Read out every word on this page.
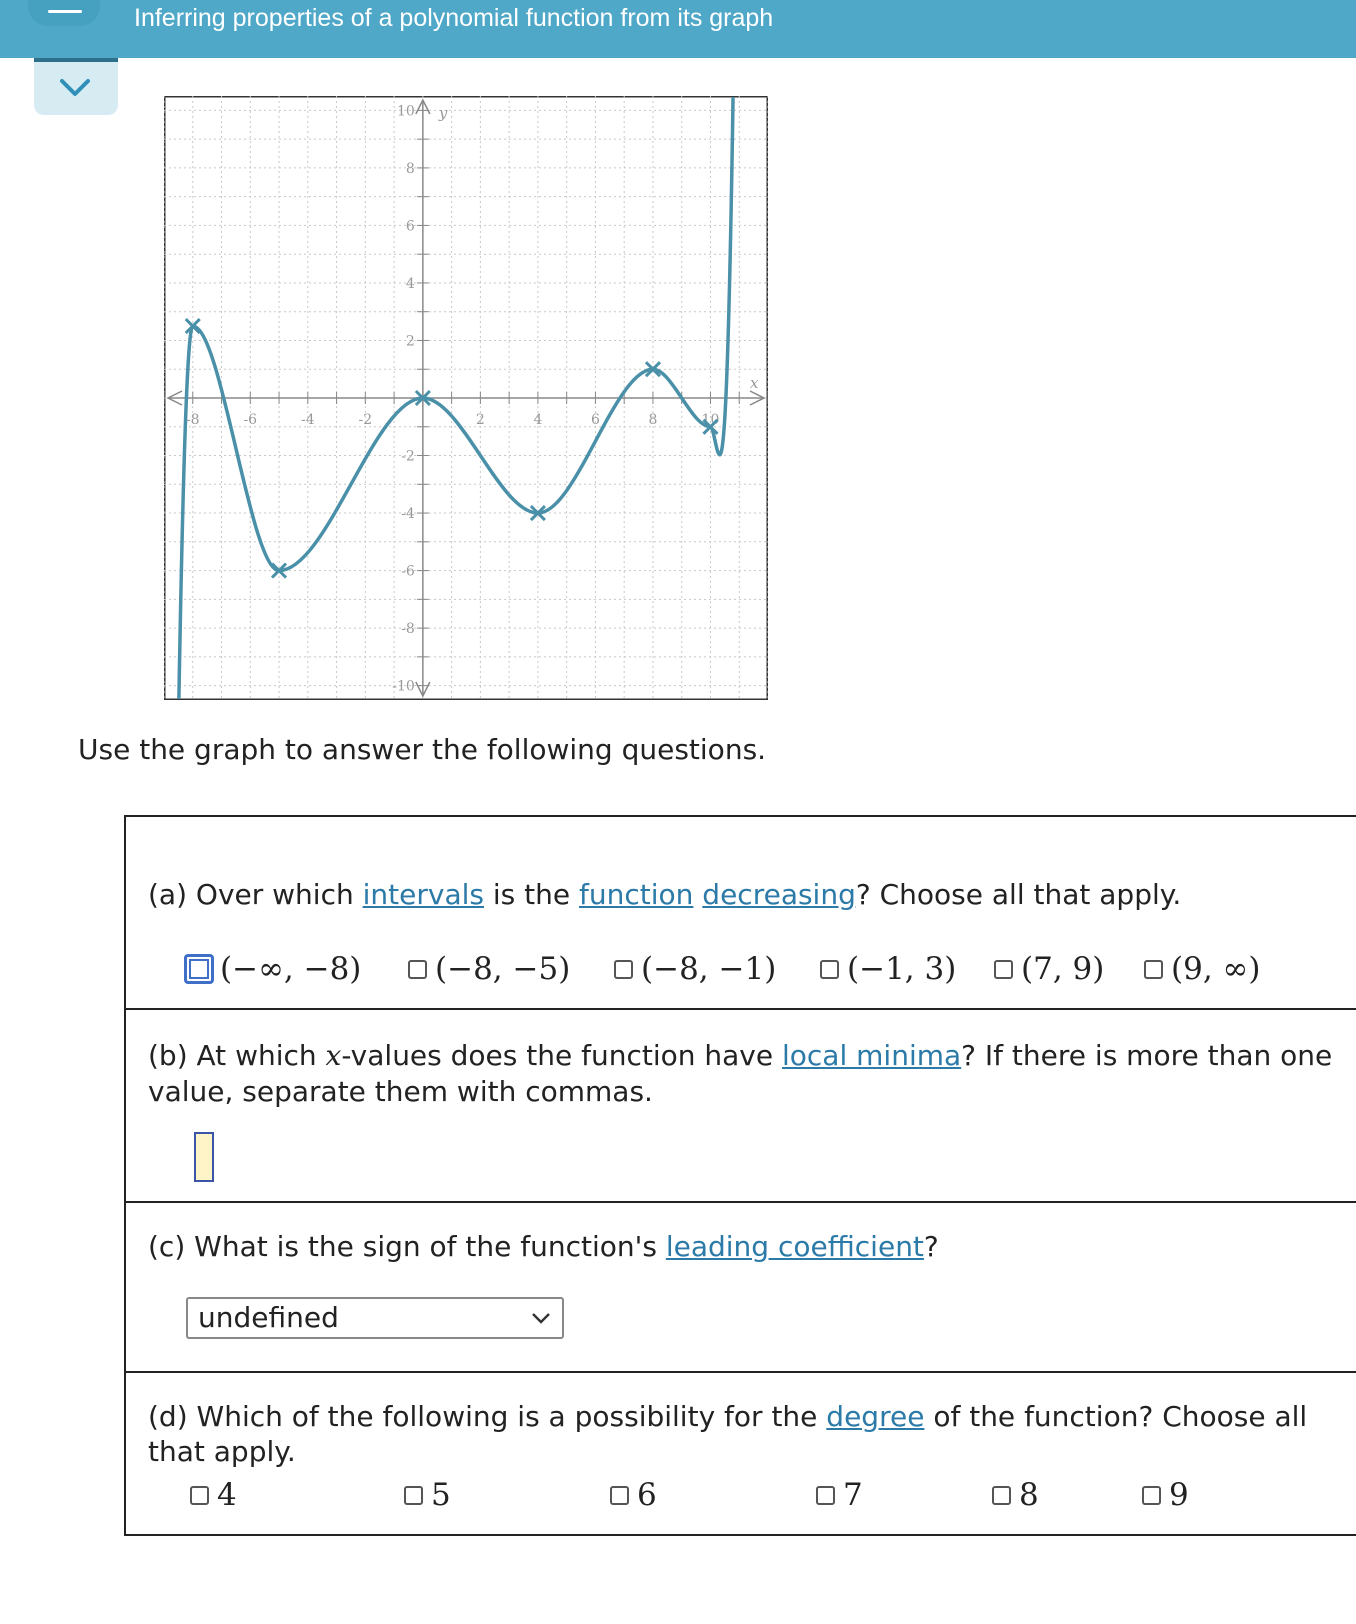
Inferring properties of a polynomial function from its graph
-8	-6	-4	-2	2	4	6	8	10
10
8
6
4
2
-2
-4
-6
-8
-10
x
y
Use the graph to answer the following questions.
(a) Over which intervals is the function decreasing? Choose all that apply.
(−∞, −8) (−8, −5) (−8, −1) (−1, 3) (7, 9) (9, ∞)
(b) At which x-values does the function have local minima? If there is more than one
value, separate them with commas.
(c) What is the sign of the function's leading coefficient?
undefined
(d) Which of the following is a possibility for the degree of the function? Choose all
that apply.
4	5	6	7	8	9
